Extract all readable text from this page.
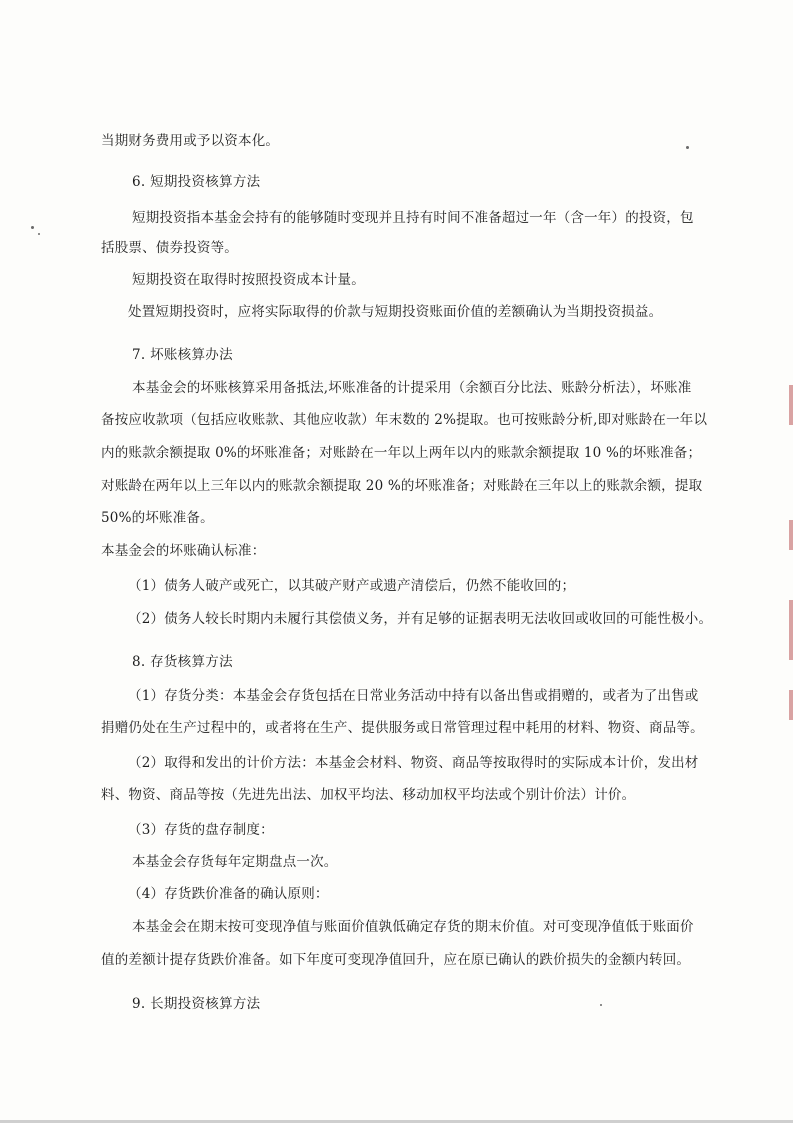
当期财务费用或予以资本化。
6. 短期投资核算方法
短期投资指本基金会持有的能够随时变现并且持有时间不准备超过一年（含一年）的投资，包
括股票、债券投资等。
短期投资在取得时按照投资成本计量。
处置短期投资时，应将实际取得的价款与短期投资账面价值的差额确认为当期投资损益。
7. 坏账核算办法
本基金会的坏账核算采用备抵法,坏账准备的计提采用（余额百分比法、账龄分析法），坏账准
备按应收款项（包括应收账款、其他应收款）年末数的 2%提取。也可按账龄分析,即对账龄在一年以
内的账款余额提取 0%的坏账准备；对账龄在一年以上两年以内的账款余额提取 10 %的坏账准备；
对账龄在两年以上三年以内的账款余额提取 20 %的坏账准备；对账龄在三年以上的账款余额，提取
50%的坏账准备。
本基金会的坏账确认标准：
（1）债务人破产或死亡，以其破产财产或遗产清偿后，仍然不能收回的；
（2）债务人较长时期内未履行其偿债义务，并有足够的证据表明无法收回或收回的可能性极小。
8. 存货核算方法
（1）存货分类：本基金会存货包括在日常业务活动中持有以备出售或捐赠的，或者为了出售或
捐赠仍处在生产过程中的，或者将在生产、提供服务或日常管理过程中耗用的材料、物资、商品等。
（2）取得和发出的计价方法：本基金会材料、物资、商品等按取得时的实际成本计价，发出材
料、物资、商品等按（先进先出法、加权平均法、移动加权平均法或个别计价法）计价。
（3）存货的盘存制度：
本基金会存货每年定期盘点一次。
（4）存货跌价准备的确认原则：
本基金会在期末按可变现净值与账面价值孰低确定存货的期末价值。对可变现净值低于账面价
值的差额计提存货跌价准备。如下年度可变现净值回升，应在原已确认的跌价损失的金额内转回。
9. 长期投资核算方法
